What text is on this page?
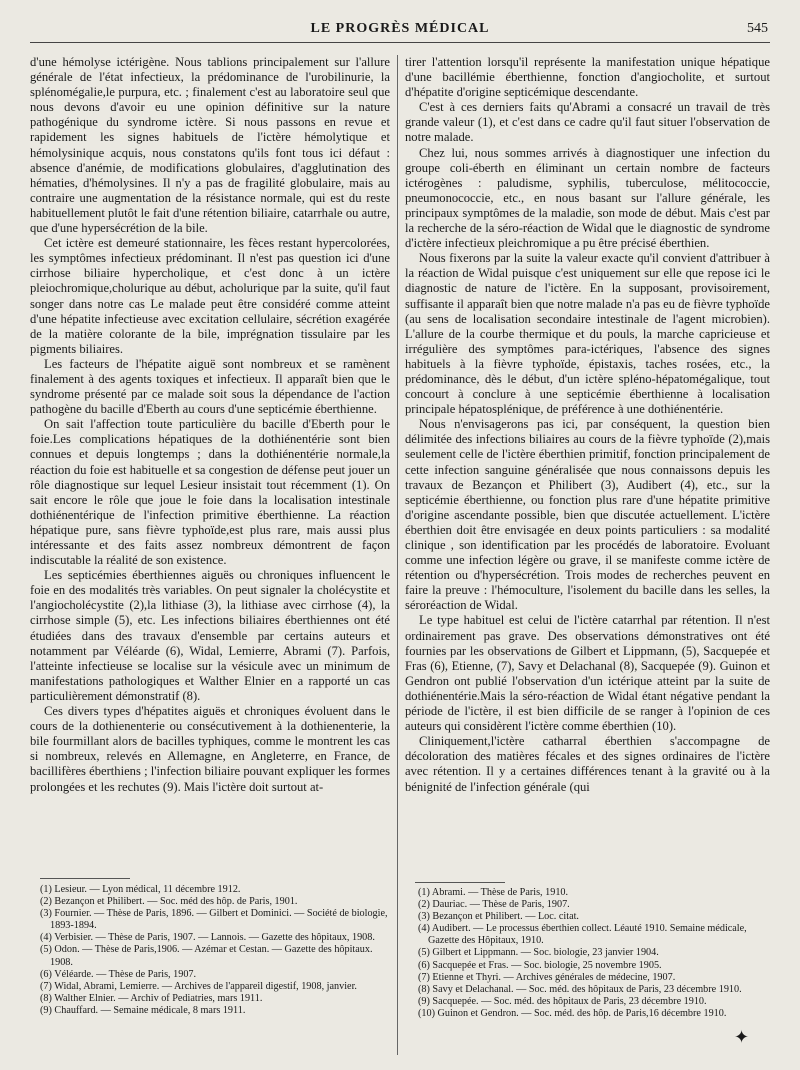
LE PROGRÈS MÉDICAL	545

d'une hémolyse ictérigène. Nous tablions principalement sur l'allure générale de l'état infectieux, la prédominance de l'urobilinurie, la splénomégalie,le purpura, etc. ; finalement c'est au laboratoire seul que nous devons d'avoir eu une opinion définitive sur la nature pathogénique du syndrome ictère. Si nous passons en revue et rapidement les signes habituels de l'ictère hémolytique et hémolysinique acquis, nous constatons qu'ils font tous ici défaut : absence d'anémie, de modifications globulaires, d'agglutination des hématies, d'hémolysines. Il n'y a pas de fragilité globulaire, mais au contraire une augmentation de la résistance normale, qui est du reste habituellement plutôt le fait d'une rétention biliaire, catarrhale ou autre, que d'une hypersécrétion de la bile.

Cet ictère est demeuré stationnaire, les fèces restant hypercolorées, les symptômes infectieux prédominant. Il n'est pas question ici d'une cirrhose biliaire hypercholique, et c'est donc à un ictère pleiochromique,cholurique au début, acholurique par la suite, qu'il faut songer dans notre cas Le malade peut être considéré comme atteint d'une hépatite infectieuse avec excitation cellulaire, sécrétion exagérée de la matière colorante de la bile, imprégnation tissulaire par les pigments biliaires.

Les facteurs de l'hépatite aiguë sont nombreux et se ramènent finalement à des agents toxiques et infectieux. Il apparaît bien que le syndrome présenté par ce malade soit sous la dépendance de l'action pathogène du bacille d'Eberth au cours d'une septicémie éberthienne.

On sait l'affection toute particulière du bacille d'Eberth pour le foie.Les complications hépatiques de la dothiénentérie sont bien connues et depuis longtemps ; dans la dothiénentérie normale,la réaction du foie est habituelle et sa congestion de défense peut jouer un rôle diagnostique sur lequel Lesieur insistait tout récemment (1). On sait encore le rôle que joue le foie dans la localisation intestinale dothiénentérique de l'infection primitive éberthienne. La réaction hépatique pure, sans fièvre typhoïde,est plus rare, mais aussi plus intéressante et des faits assez nombreux démontrent de façon indiscutable la réalité de son existence.

Les septicémies éberthiennes aiguës ou chroniques influencent le foie en des modalités très variables. On peut signaler la cholécystite et l'angiocholécystite (2),la lithiase (3), la lithiase avec cirrhose (4), la cirrhose simple (5), etc. Les infections biliaires éberthiennes ont été étudiées dans des travaux d'ensemble par certains auteurs et notamment par Véléarde (6), Widal, Lemierre, Abrami (7). Parfois, l'atteinte infectieuse se localise sur la vésicule avec un minimum de manifestations pathologiques et Walther Elnier en a rapporté un cas particulièrement démonstratif (8).

Ces divers types d'hépatites aiguës et chroniques évoluent dans le cours de la dothienenterie ou consécutivement à la dothienenterie, la bile fourmillant alors de bacilles typhiques, comme le montrent les cas si nombreux, relevés en Allemagne, en Angleterre, en France, de bacillifères éberthiens ; l'infection biliaire pouvant expliquer les formes prolongées et les rechutes (9). Mais l'ictère doit surtout at-

tirer l'attention lorsqu'il représente la manifestation unique hépatique d'une bacillémie éberthienne, fonction d'angiocholite, et surtout d'hépatite d'origine septicémique descendante.

C'est à ces derniers faits qu'Abrami a consacré un travail de très grande valeur (1), et c'est dans ce cadre qu'il faut situer l'observation de notre malade.

Chez lui, nous sommes arrivés à diagnostiquer une infection du groupe coli-éberth en éliminant un certain nombre de facteurs ictérogènes : paludisme, syphilis, tuberculose, mélitococcie, pneumonococcie, etc., en nous basant sur l'allure générale, les principaux symptômes de la maladie, son mode de début. Mais c'est par la recherche de la séro-réaction de Widal que le diagnostic de syndrome d'ictère infectieux pleichromique a pu être précisé éberthien.

Nous fixerons par la suite la valeur exacte qu'il convient d'attribuer à la réaction de Widal puisque c'est uniquement sur elle que repose ici le diagnostic de nature de l'ictère. En la supposant, provisoirement, suffisante il apparaît bien que notre malade n'a pas eu de fièvre typhoïde (au sens de localisation secondaire intestinale de l'agent microbien). L'allure de la courbe thermique et du pouls, la marche capricieuse et irrégulière des symptômes para-ictériques, l'absence des signes habituels à la fièvre typhoïde, épistaxis, taches rosées, etc., la prédominance, dès le début, d'un ictère spléno-hépatomégalique, tout concourt à conclure à une septicémie éberthienne à localisation principale hépatosplénique, de préférence à une dothiénentérie.

Nous n'envisagerons pas ici, par conséquent, la question bien délimitée des infections biliaires au cours de la fièvre typhoïde (2),mais seulement celle de l'ictère éberthien primitif, fonction principalement de cette infection sanguine généralisée que nous connaissons depuis les travaux de Bezançon et Philibert (3), Audibert (4), etc., sur la septicémie éberthienne, ou fonction plus rare d'une hépatite primitive d'origine ascendante possible, bien que discutée actuellement. L'ictère éberthien doit être envisagée en deux points particuliers : sa modalité clinique , son identification par les procédés de laboratoire. Evoluant comme une infection légère ou grave, il se manifeste comme ictère de rétention ou d'hypersécrétion. Trois modes de recherches peuvent en faire la preuve : l'hémoculture, l'isolement du bacille dans les selles, la séroréaction de Widal.

Le type habituel est celui de l'ictère catarrhal par rétention. Il n'est ordinairement pas grave. Des observations démonstratives ont été fournies par les observations de Gilbert et Lippmann, (5), Sacquepée et Fras (6), Etienne, (7), Savy et Delachanal (8), Sacquepée (9). Guinon et Gendron ont publié l'observation d'un ictérique atteint par la suite de dothiénentérie.Mais la séro-réaction de Widal étant négative pendant la période de l'ictère, il est bien difficile de se ranger à l'opinion de ces auteurs qui considèrent l'ictère comme éberthien (10).

Cliniquement,l'ictère catharral éberthien s'accompagne de décoloration des matières fécales et des signes ordinaires de l'ictère avec rétention. Il y a certaines différences tenant à la gravité ou à la bénignité de l'infection générale (qui

(1) Lesieur. — Lyon médical, 11 décembre 1912.

(2) Bezançon et Philibert. — Soc. méd des hôp. de Paris, 1901.

(3) Fournier. — Thèse de Paris, 1896. — Gilbert et Dominici. — Société de biologie, 1893-1894.

(4) Verbisier. — Thèse de Paris, 1907. — Lannois. — Gazette des hôpitaux, 1908.

(5) Odon. — Thèse de Paris,1906. — Azémar et Cestan. — Gazette des hôpitaux. 1908.

(6) Véléarde. — Thèse de Paris, 1907.

(7) Widal, Abrami, Lemierre. — Archives de l'appareil digestif, 1908, janvier.

(8) Walther Elnier. — Archiv of Pediatries, mars 1911.

(9) Chauffard. — Semaine médicale, 8 mars 1911.

(1) Abrami. — Thèse de Paris, 1910.

(2) Dauriac. — Thèse de Paris, 1907.

(3) Bezançon et Philibert. — Loc. citat.

(4) Audibert. — Le processus éberthien collect. Léauté 1910. Semaine médicale, Gazette des Hôpitaux, 1910.

(5) Gilbert et Lippmann. — Soc. biologie, 23 janvier 1904.

(6) Sacquepée et Fras. — Soc. biologie, 25 novembre 1905.

(7) Etienne et Thyri. — Archives générales de médecine, 1907.

(8) Savy et Delachanal. — Soc. méd. des hôpitaux de Paris, 23 décembre 1910.

(9) Sacquepée. — Soc. méd. des hôpitaux de Paris, 23 décembre 1910.

(10) Guinon et Gendron. — Soc. méd. des hôp. de Paris,16 décembre 1910.

✦
